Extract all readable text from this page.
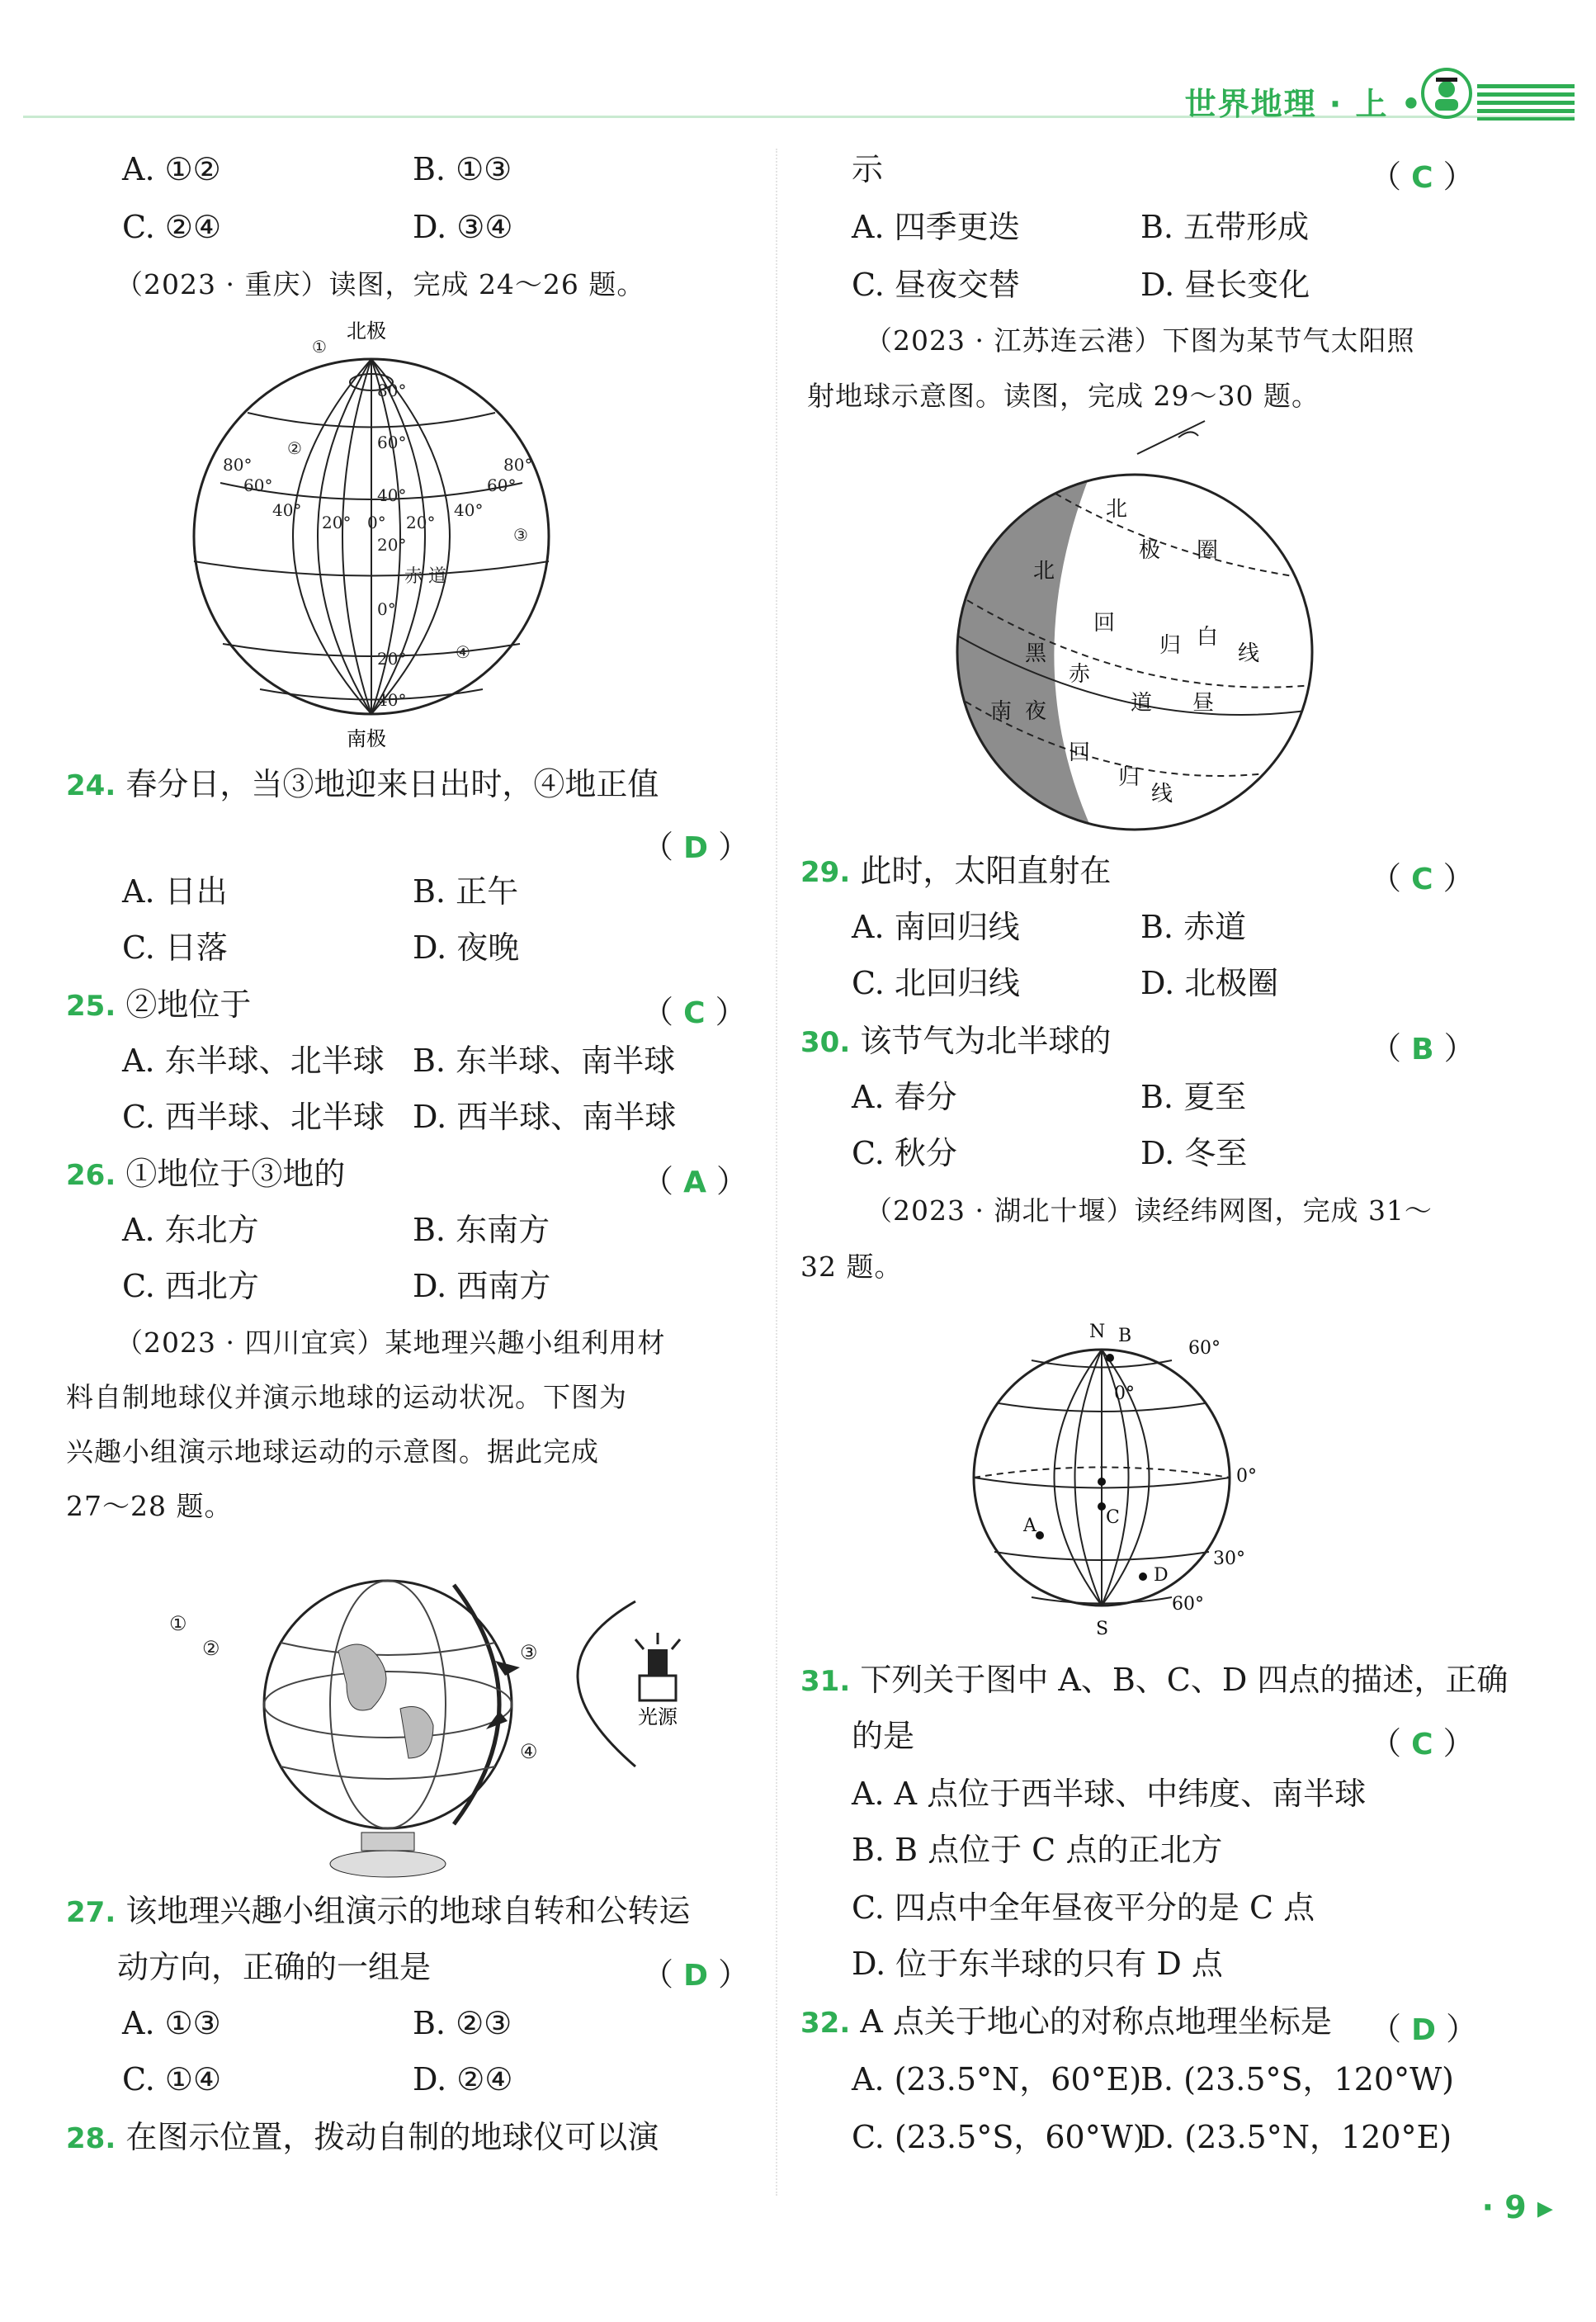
世界地理 · 上 •
A. ①②	B. ①③
C. ②④	D. ③④
（2023 · 重庆）读图，完成 24～26 题。
北极
南极
80°
60°
40°
20°
0°
20°
40°
80°
60°
40°
20° 0° 20°
40°
60°
80°
赤 道
①
②
③
④
24. 春分日，当③地迎来日出时，④地正值
（ D ）
A. 日出	B. 正午
C. 日落	D. 夜晚
25. ②地位于	（ C ）
A. 东半球、北半球 B. 东半球、南半球
C. 西半球、北半球 D. 西半球、南半球
26. ①地位于③地的	（ A ）
A. 东北方	B. 东南方
C. 西北方	D. 西南方
（2023 · 四川宜宾）某地理兴趣小组利用材
料自制地球仪并演示地球的运动状况。下图为
兴趣小组演示地球运动的示意图。据此完成
27～28 题。
光源
①
②	③
④
27. 该地理兴趣小组演示的地球自转和公转运
动方向，正确的一组是	（ D ）
A. ①③	B. ②③
C. ①④	D. ②④
28. 在图示位置，拨动自制的地球仪可以演
示	（ C ）
A. 四季更迭	B. 五带形成
C. 昼夜交替	D. 昼长变化
（2023 · 江苏连云港）下图为某节气太阳照
射地球示意图。读图，完成 29～30 题。
北
黑
夜
南
赤
回
回
北
极 圈
归 白
线
道 昼
归
线
29. 此时，太阳直射在	（ C ）
A. 南回归线	B. 赤道
C. 北回归线	D. 北极圈
30. 该节气为北半球的	（ B ）
A. 春分	B. 夏至
C. 秋分	D. 冬至
（2023 · 湖北十堰）读经纬网图，完成 31～
32 题。
N
S
B
A	C
D
60°
0°
0°
30°
60°
31. 下列关于图中 A、B、C、D 四点的描述，正确
的是	（ C ）
A. A 点位于西半球、中纬度、南半球
B. B 点位于 C 点的正北方
C. 四点中全年昼夜平分的是 C 点
D. 位于东半球的只有 D 点
32. A 点关于地心的对称点地理坐标是 （ D ）
A. (23.5°N，60°E)
B. (23.5°S，120°W)
C. (23.5°S，60°W)
D. (23.5°N，120°E)
· 9 ▸
